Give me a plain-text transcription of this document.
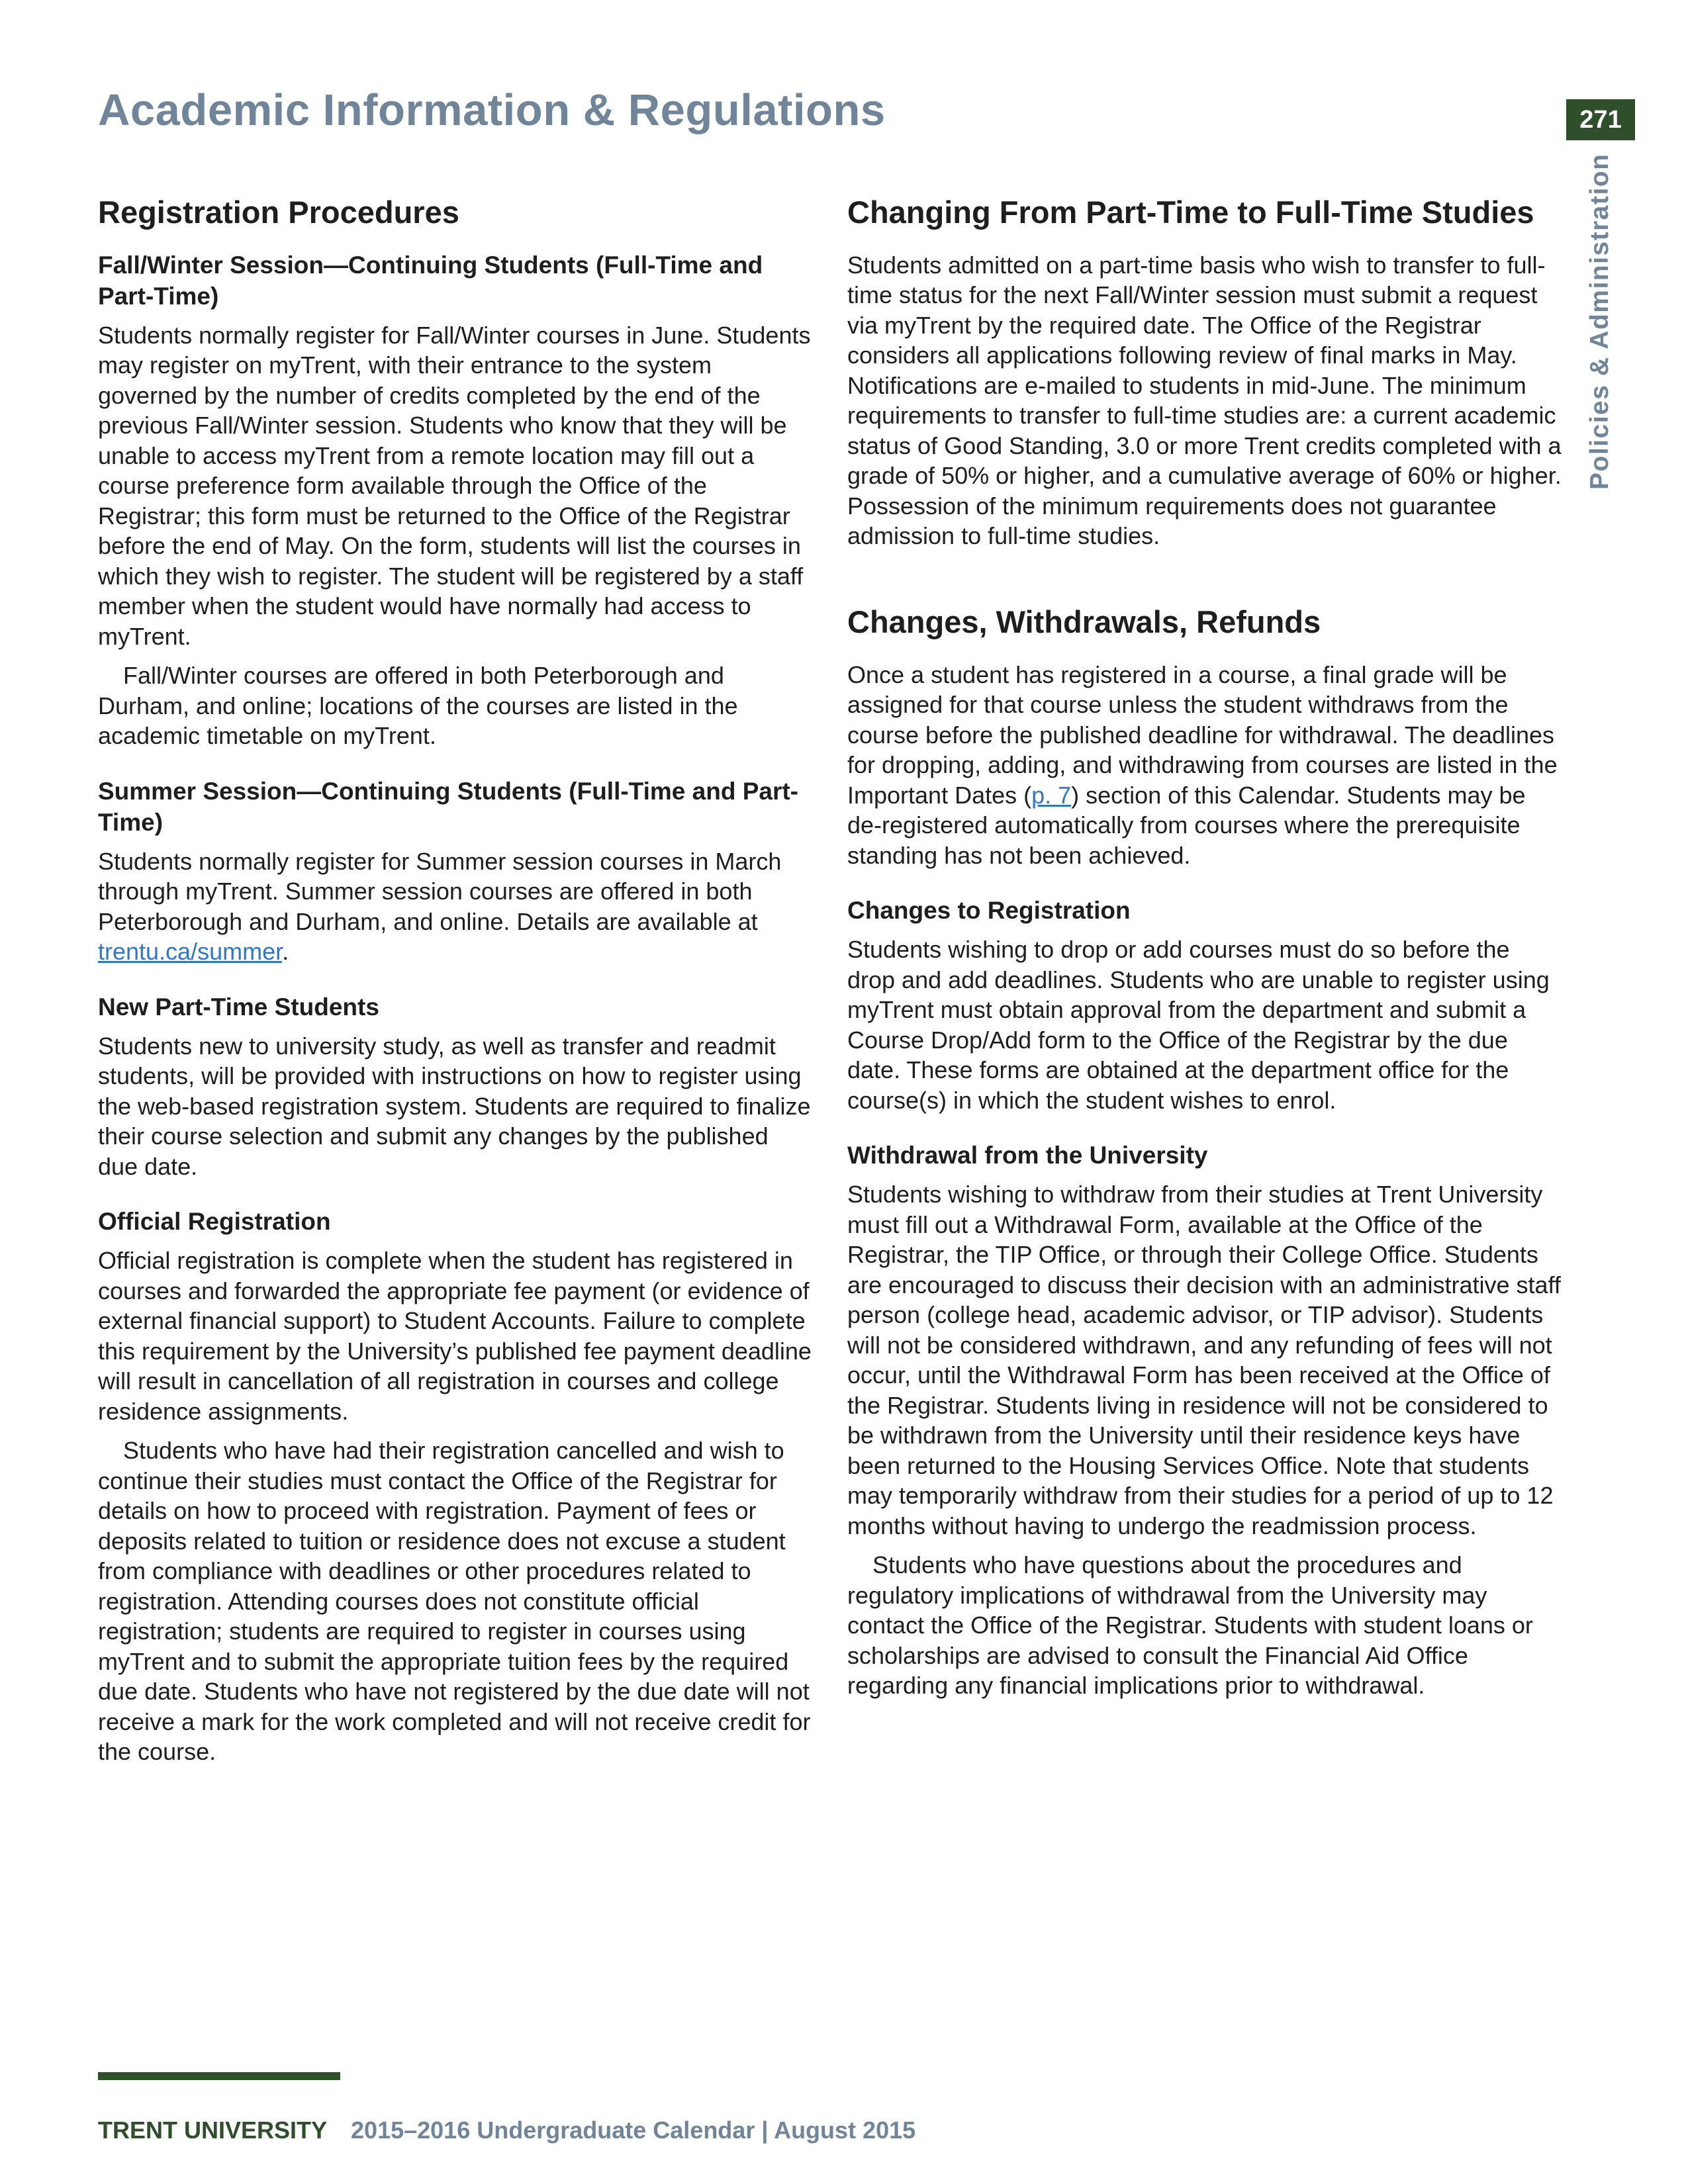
Academic Information & Regulations	271
Policies & Administration
Registration Procedures
Fall/Winter Session—Continuing Students (Full-Time and Part-Time)

Students normally register for Fall/Winter courses in June. Students may register on myTrent, with their entrance to the system governed by the number of credits completed by the end of the previous Fall/Winter session. Students who know that they will be unable to access myTrent from a remote location may fill out a course preference form available through the Office of the Registrar; this form must be returned to the Office of the Registrar before the end of May. On the form, students will list the courses in which they wish to register. The student will be registered by a staff member when the student would have normally had access to myTrent.

Fall/Winter courses are offered in both Peterborough and Durham, and online; locations of the courses are listed in the academic timetable on myTrent.

Summer Session—Continuing Students (Full-Time and Part-Time)

Students normally register for Summer session courses in March through myTrent. Summer session courses are offered in both Peterborough and Durham, and online. Details are available at trentu.ca/summer.

New Part-Time Students

Students new to university study, as well as transfer and readmit students, will be provided with instructions on how to register using the web-based registration system. Students are required to finalize their course selection and submit any changes by the published due date.

Official Registration

Official registration is complete when the student has registered in courses and forwarded the appropriate fee payment (or evidence of external financial support) to Student Accounts. Failure to complete this requirement by the University’s published fee payment deadline will result in cancellation of all registration in courses and college residence assignments.

Students who have had their registration cancelled and wish to continue their studies must contact the Office of the Registrar for details on how to proceed with registration. Payment of fees or deposits related to tuition or residence does not excuse a student from compliance with deadlines or other procedures related to registration. Attending courses does not constitute official registration; students are required to register in courses using myTrent and to submit the appropriate tuition fees by the required due date. Students who have not registered by the due date will not receive a mark for the work completed and will not receive credit for the course.

Changing From Part-Time to Full-Time Studies

Students admitted on a part-time basis who wish to transfer to full-time status for the next Fall/Winter session must submit a request via myTrent by the required date. The Office of the Registrar considers all applications following review of final marks in May. Notifications are e-mailed to students in mid-June. The minimum requirements to transfer to full-time studies are: a current academic status of Good Standing, 3.0 or more Trent credits completed with a grade of 50% or higher, and a cumulative average of 60% or higher. Possession of the minimum requirements does not guarantee admission to full-time studies.

Changes, Withdrawals, Refunds

Once a student has registered in a course, a final grade will be assigned for that course unless the student withdraws from the course before the published deadline for withdrawal. The deadlines for dropping, adding, and withdrawing from courses are listed in the Important Dates (p. 7) section of this Calendar. Students may be de-registered automatically from courses where the prerequisite standing has not been achieved.

Changes to Registration

Students wishing to drop or add courses must do so before the drop and add deadlines. Students who are unable to register using myTrent must obtain approval from the department and submit a Course Drop/Add form to the Office of the Registrar by the due date. These forms are obtained at the department office for the course(s) in which the student wishes to enrol.

Withdrawal from the University

Students wishing to withdraw from their studies at Trent University must fill out a Withdrawal Form, available at the Office of the Registrar, the TIP Office, or through their College Office. Students are encouraged to discuss their decision with an administrative staff person (college head, academic advisor, or TIP advisor). Students will not be considered withdrawn, and any refunding of fees will not occur, until the Withdrawal Form has been received at the Office of the Registrar. Students living in residence will not be considered to be withdrawn from the University until their residence keys have been returned to the Housing Services Office. Note that students may temporarily withdraw from their studies for a period of up to 12 months without having to undergo the readmission process.

Students who have questions about the procedures and regulatory implications of withdrawal from the University may contact the Office of the Registrar. Students with student loans or scholarships are advised to consult the Financial Aid Office regarding any financial implications prior to withdrawal.

TRENT UNIVERSITY 2015–2016 Undergraduate Calendar | August 2015
